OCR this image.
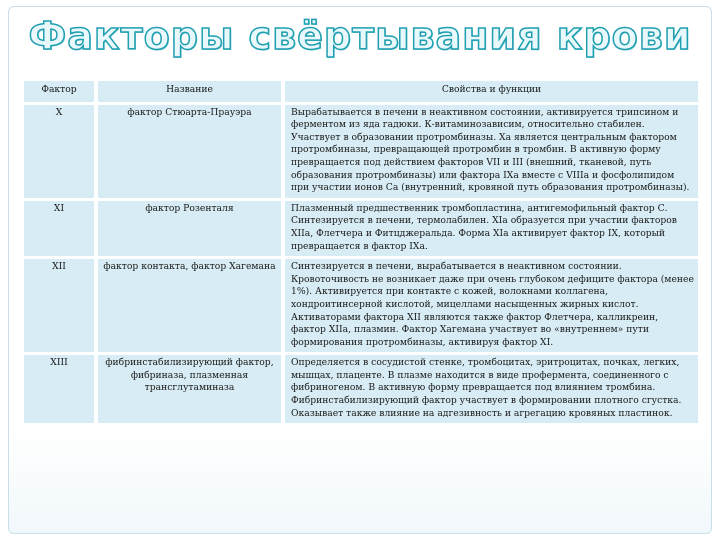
Факторы свёртывания крови
Фактор		Название		Свойства и функции
X		фактор Стюарта-Прауэра		Вырабатывается в печени в неактивном состоянии, активируется трипсином и ферментом из яда гадюки. К-витаминозависим, относительно стабилен.
Участвует в образовании протромбиназы. Xa является центральным фактором протромбиназы, превращающей протромбин в тромбин. В активную форму превращается под действием факторов VII и III (внешний, тканевой, путь образования протромбиназы) или фактора IXa вместе с VIIIa и фосфолипидом при участии ионов Ca (внутренний, кровяной путь образования протромбиназы).

XI		фактор Розенталя		Плазменный предшественник тромбопластина, антигемофильный фактор С. Синтезируется в печени, термолабилен. XIa образуется при участии факторов XIIa, Флетчера и Фитцджеральда. Форма XIa активирует фактор IX, который превращается в фактор IXa.

XII		фактор контакта, фактор Хагемана		Синтезируется в печени, вырабатывается в неактивном состоянии. Кровоточивость не возникает даже при очень глубоком дефиците фактора (менее 1%). Активируется при контакте с кожей, волокнами коллагена, хондроитинсерной кислотой, мицеллами насыщенных жирных кислот. Активаторами фактора XII являются также фактор Флетчера, калликреин, фактор XIIa, плазмин. Фактор Хагемана участвует во «внутреннем» пути формирования протромбиназы, активируя фактор XI.

XIII		фибринстабилизирующий фактор, фибриназа, плазменная трансглутаминаза		Определяется в сосудистой стенке, тромбоцитах, эритроцитах, почках, легких, мышцах, плаценте. В плазме находится в виде профермента, соединенного с фибриногеном. В активную форму превращается под влиянием тромбина. Фибринстабилизирующий фактор участвует в формировании плотного сгустка. Оказывает также влияние на адгезивность и агрегацию кровяных пластинок.
